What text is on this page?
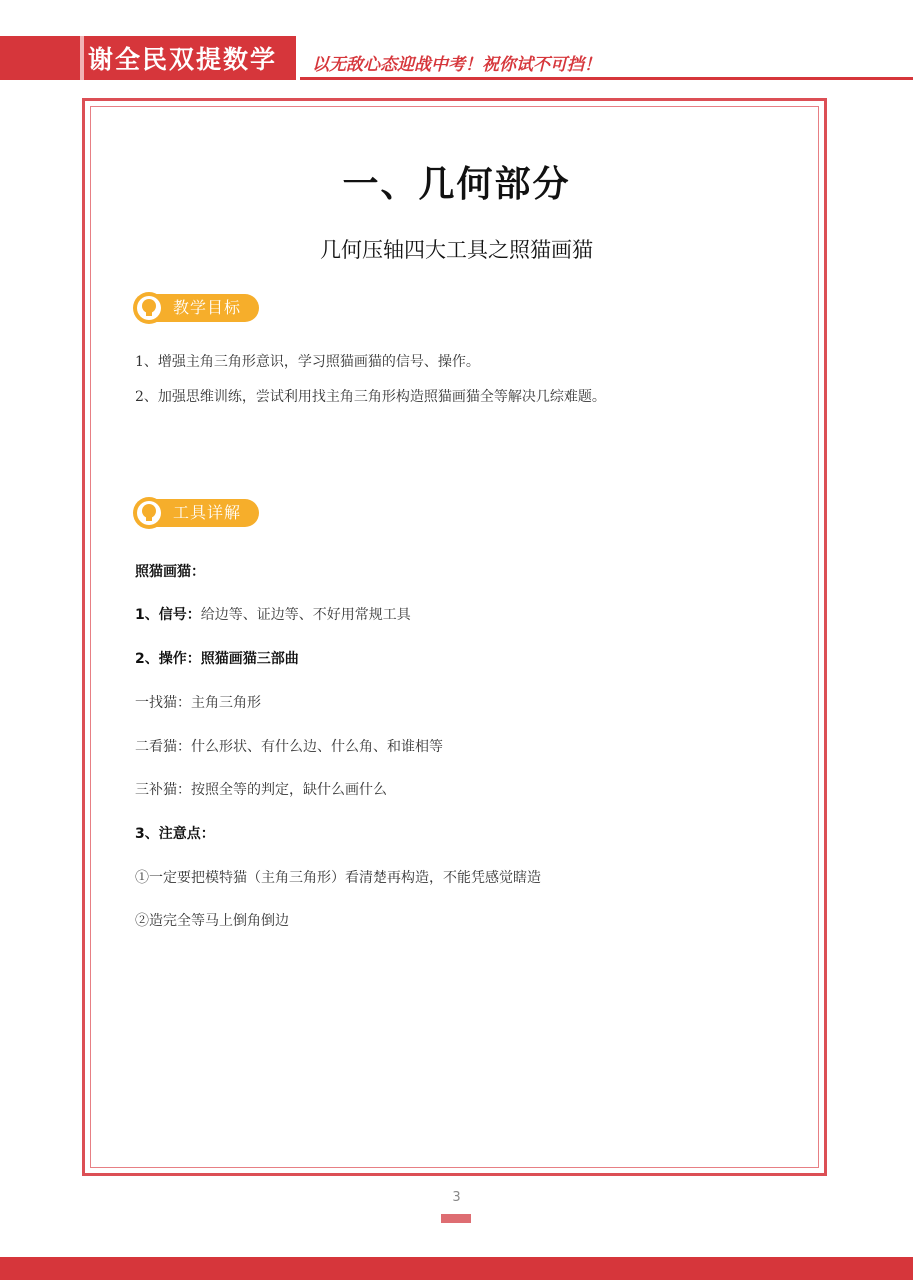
谢全民双提数学 以无敌心态迎战中考！祝你试不可挡！
一、几何部分
几何压轴四大工具之照猫画猫
教学目标
1、增强主角三角形意识，学习照猫画猫的信号、操作。
2、加强思维训练，尝试利用找主角三角形构造照猫画猫全等解决几综难题。
工具详解
照猫画猫：
1、信号：给边等、证边等、不好用常规工具
2、操作：照猫画猫三部曲
一找猫：主角三角形
二看猫：什么形状、有什么边、什么角、和谁相等
三补猫：按照全等的判定，缺什么画什么
3、注意点：
①一定要把模特猫（主角三角形）看清楚再构造，不能凭感觉瞎造
②造完全等马上倒角倒边
3
